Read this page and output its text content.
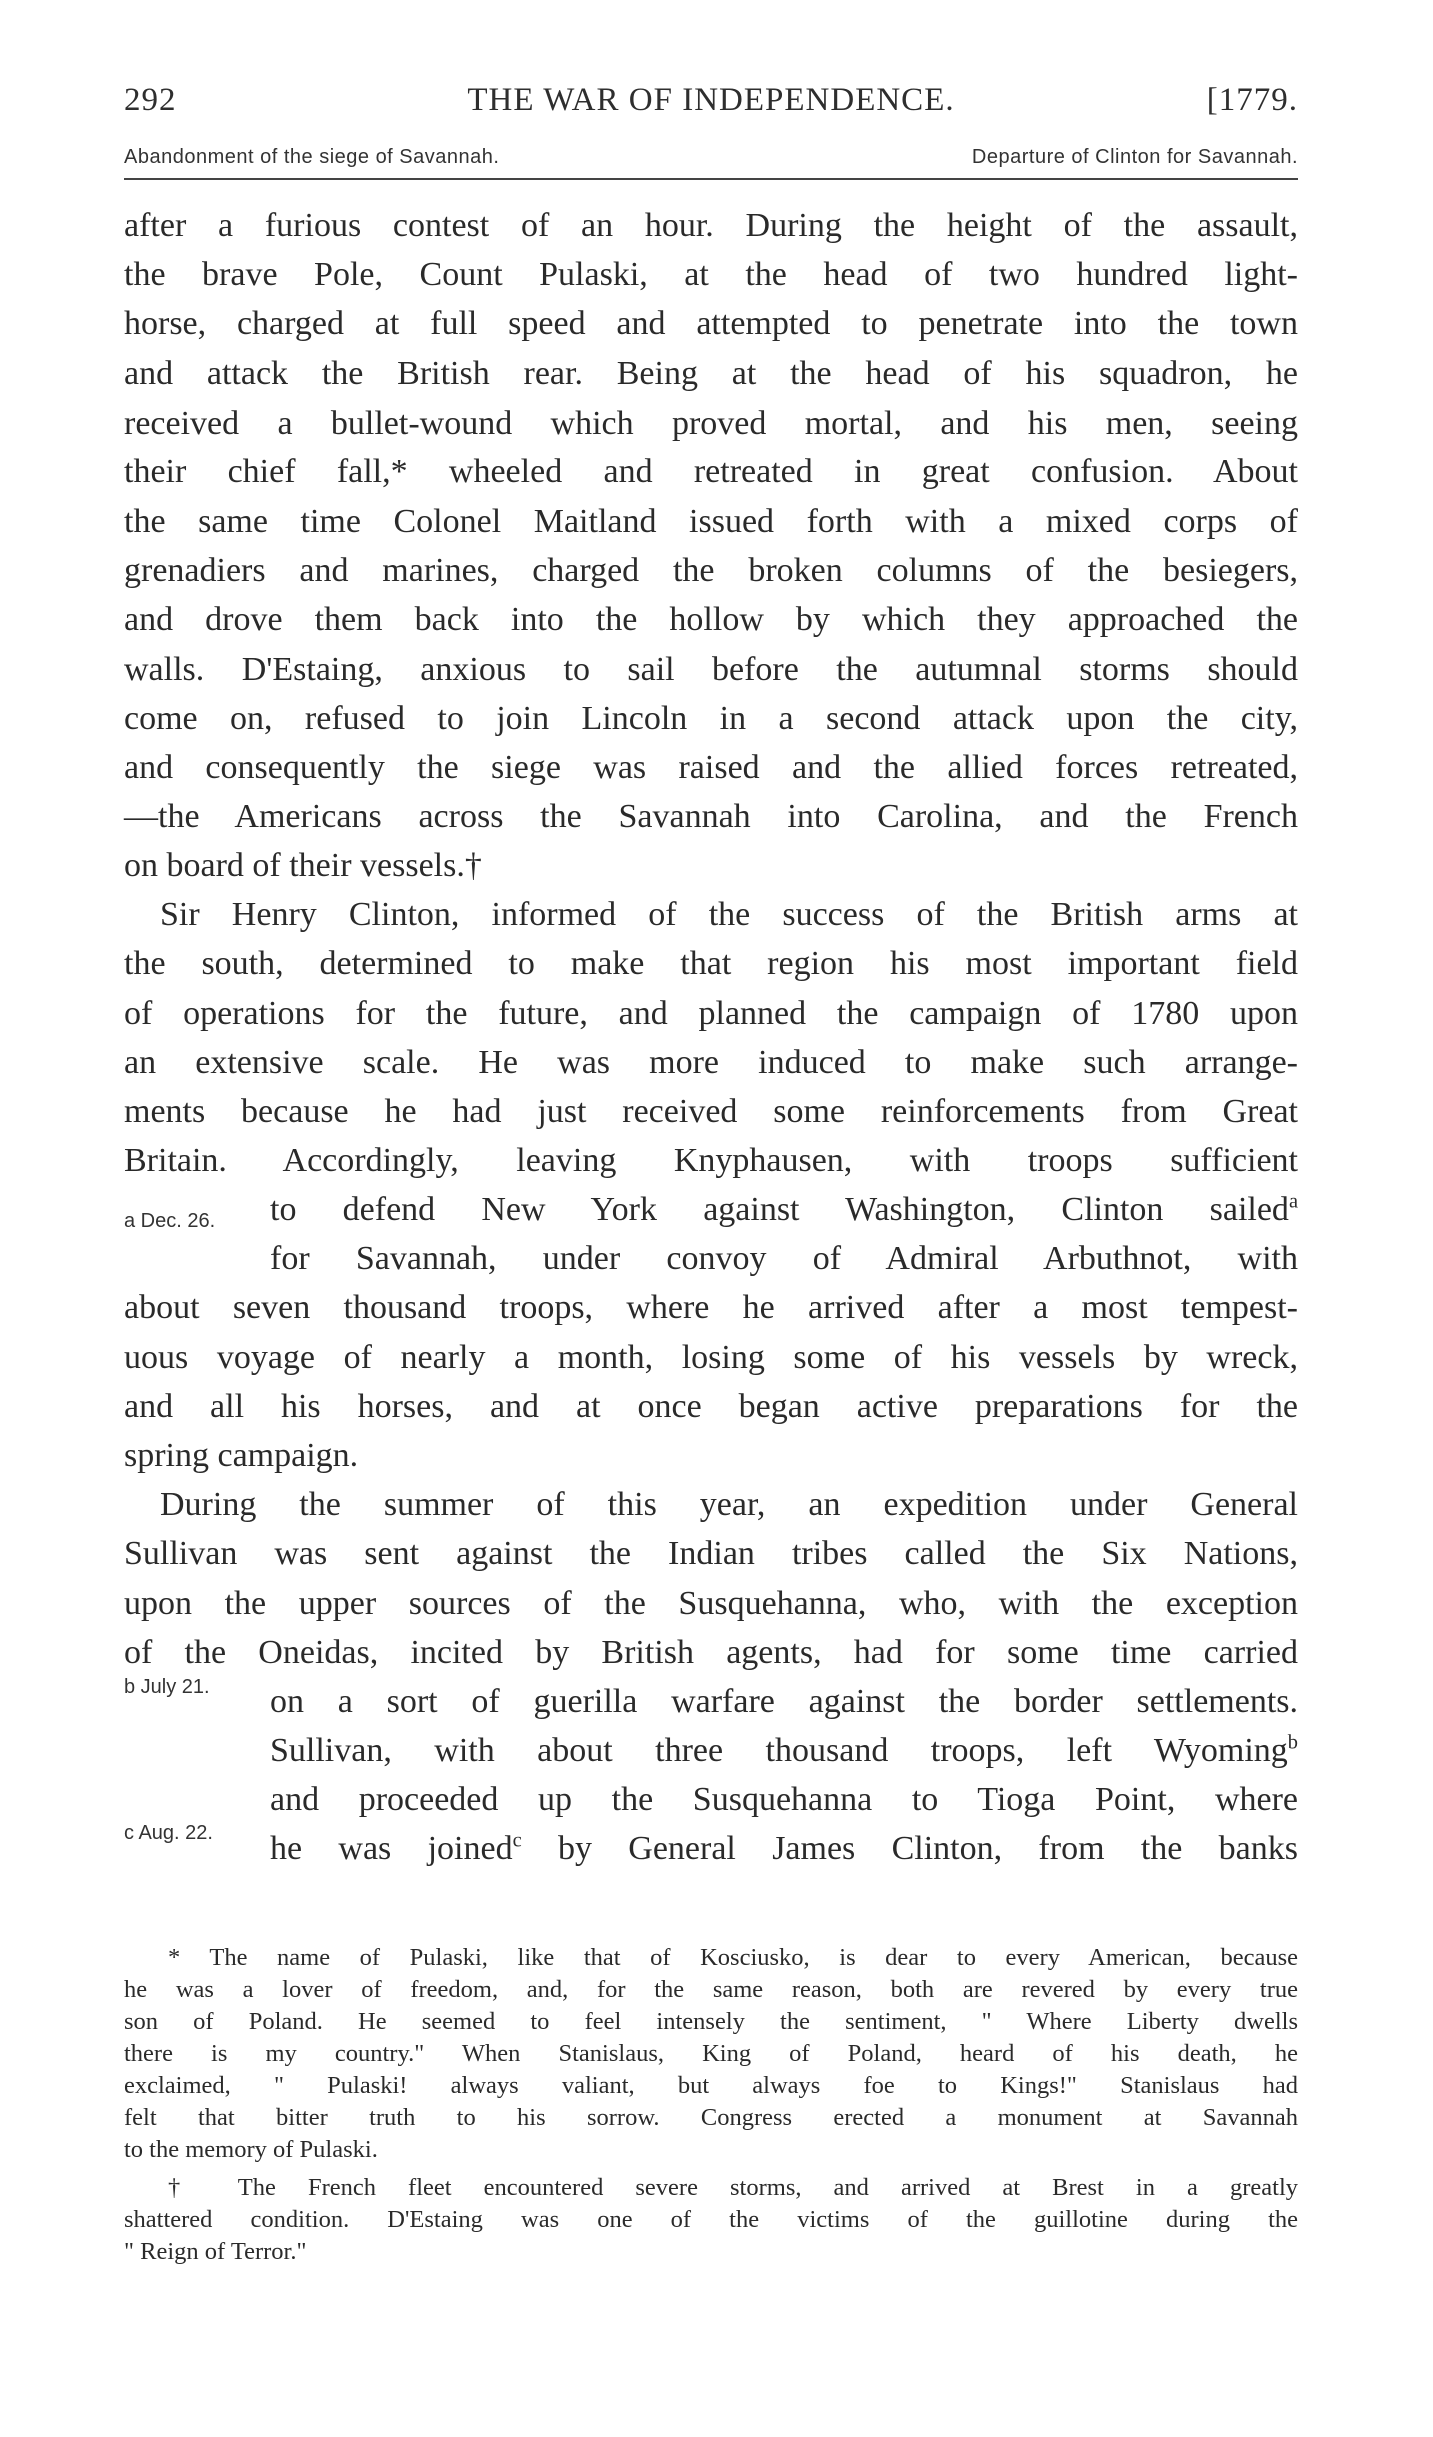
292	THE WAR OF INDEPENDENCE.	[1779.
Abandonment of the siege of Savannah.	Departure of Clinton for Savannah.
after a furious contest of an hour. During the height of the assault,
the brave Pole, Count Pulaski, at the head of two hundred light-
horse, charged at full speed and attempted to penetrate into the town
and attack the British rear. Being at the head of his squadron, he
received a bullet-wound which proved mortal, and his men, seeing
their chief fall,* wheeled and retreated in great confusion. About
the same time Colonel Maitland issued forth with a mixed corps of
grenadiers and marines, charged the broken columns of the besiegers,
and drove them back into the hollow by which they approached the
walls. D'Estaing, anxious to sail before the autumnal storms should
come on, refused to join Lincoln in a second attack upon the city,
and consequently the siege was raised and the allied forces retreated,
—the Americans across the Savannah into Carolina, and the French
on board of their vessels.†
Sir Henry Clinton, informed of the success of the British arms at
the south, determined to make that region his most important field
of operations for the future, and planned the campaign of 1780 upon
an extensive scale. He was more induced to make such arrange-
ments because he had just received some reinforcements from Great
Britain. Accordingly, leaving Knyphausen, with troops sufficient
a Dec. 26. to defend New York against Washington, Clinton sailed$^a$
for Savannah, under convoy of Admiral Arbuthnot, with
about seven thousand troops, where he arrived after a most tempest-
uous voyage of nearly a month, losing some of his vessels by wreck,
and all his horses, and at once began active preparations for the
spring campaign.
During the summer of this year, an expedition under General
Sullivan was sent against the Indian tribes called the Six Nations,
upon the upper sources of the Susquehanna, who, with the exception
of the Oneidas, incited by British agents, had for some time carried
b July 21. on a sort of guerilla warfare against the border settlements.
Sullivan, with about three thousand troops, left Wyoming$^b$
and proceeded up the Susquehanna to Tioga Point, where
c Aug. 22. he was joined$^c$ by General James Clinton, from the banks
* The name of Pulaski, like that of Kosciusko, is dear to every American, because
he was a lover of freedom, and, for the same reason, both are revered by every true
son of Poland. He seemed to feel intensely the sentiment, " Where Liberty dwells
there is my country." When Stanislaus, King of Poland, heard of his death, he
exclaimed, " Pulaski! always valiant, but always foe to Kings!" Stanislaus had
felt that bitter truth to his sorrow. Congress erected a monument at Savannah
to the memory of Pulaski.
† The French fleet encountered severe storms, and arrived at Brest in a greatly
shattered condition. D'Estaing was one of the victims of the guillotine during the
" Reign of Terror."
